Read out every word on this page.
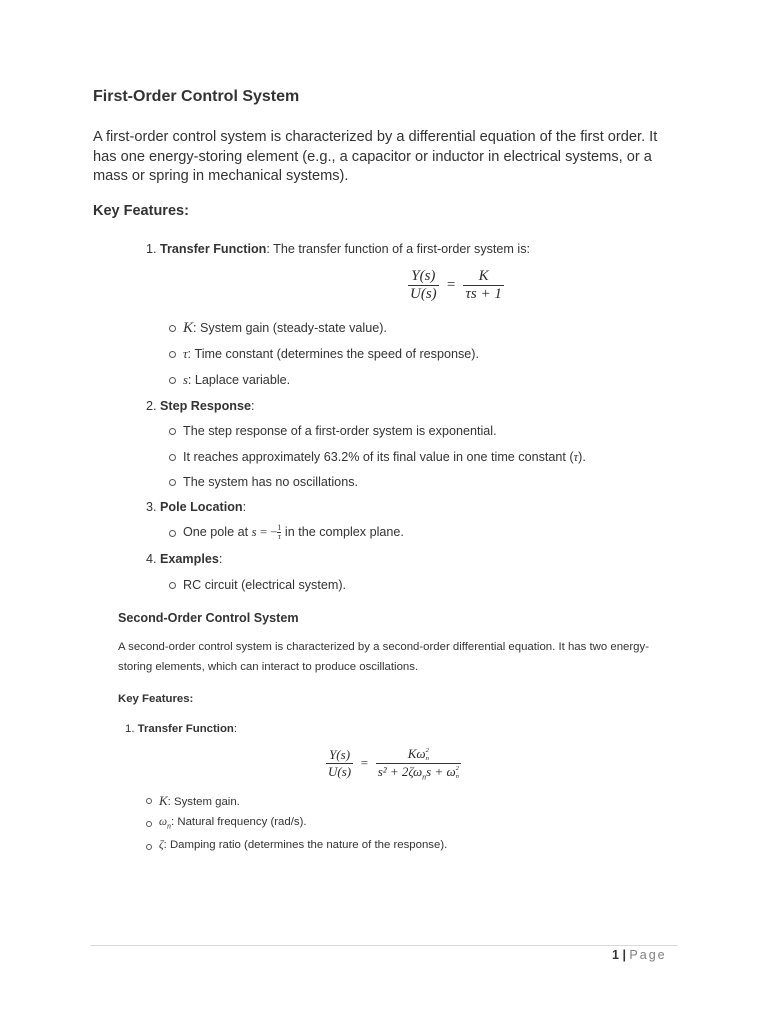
First-Order Control System
A first-order control system is characterized by a differential equation of the first order. It has one energy-storing element (e.g., a capacitor or inductor in electrical systems, or a mass or spring in mechanical systems).
Key Features:
1. Transfer Function: The transfer function of a first-order system is:
$\frac{Y(s)}{U(s)} = \frac{K}{\tau s + 1}$
K: System gain (steady-state value).
τ: Time constant (determines the speed of response).
s: Laplace variable.
2. Step Response:
The step response of a first-order system is exponential.
It reaches approximately 63.2% of its final value in one time constant (τ).
The system has no oscillations.
3. Pole Location:
One pole at s = − $\frac{1}{\tau}$ in the complex plane.
4. Examples:
RC circuit (electrical system).
Second-Order Control System
A second-order control system is characterized by a second-order differential equation. It has two energy-
storing elements, which can interact to produce oscillations.
Key Features:
1. Transfer Function:
$\frac{Y(s)}{U(s)} = K\omega$ 2
n
$s^2 + 2\zeta\omega_ns + \omega$ 2
n
K: System gain.
$\omega_n$: Natural frequency (rad/s).
ζ: Damping ratio (determines the nature of the response).
1 | Page
